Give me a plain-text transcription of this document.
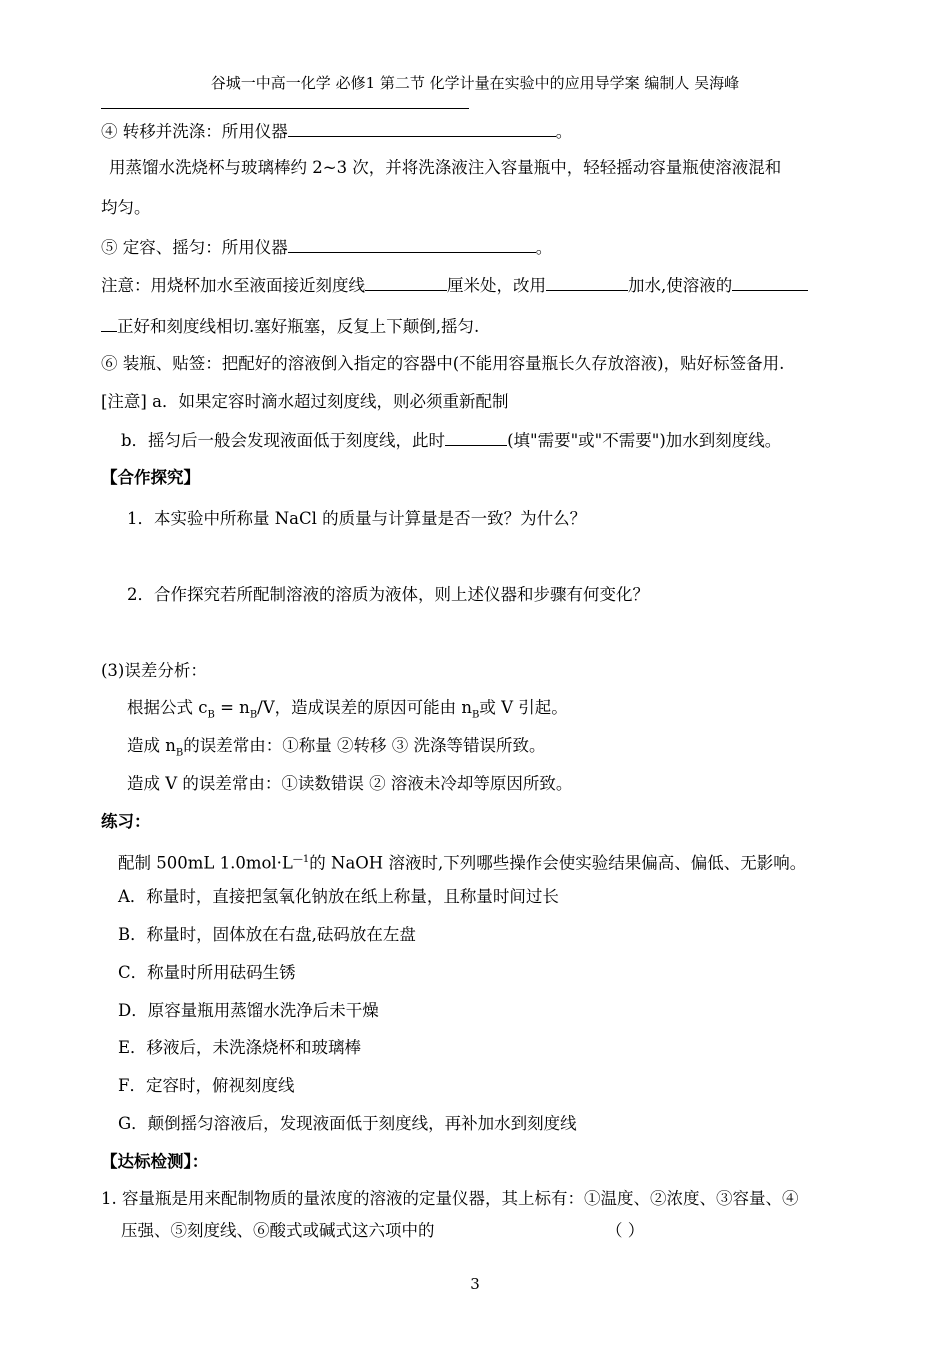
谷城一中高一化学 必修1 第二节 化学计量在实验中的应用导学案 编制人 吴海峰
④ 转移并洗涤：所用仪器	。
用蒸馏水洗烧杯与玻璃棒约 2~3 次，并将洗涤液注入容量瓶中，轻轻摇动容量瓶使溶液混和
均匀。
⑤ 定容、摇匀：所用仪器	。
注意：用烧杯加水至液面接近刻度线	厘米处，改用	加水,使溶液的
正好和刻度线相切.塞好瓶塞，反复上下颠倒,摇匀.
⑥ 装瓶、贴签：把配好的溶液倒入指定的容器中(不能用容量瓶长久存放溶液)，贴好标签备用.
[注意] a．如果定容时滴水超过刻度线，则必须重新配制
b．摇匀后一般会发现液面低于刻度线，此时	(填"需要"或"不需要")加水到刻度线。
【合作探究】
1．本实验中所称量 NaCl 的质量与计算量是否一致？为什么？
2．合作探究若所配制溶液的溶质为液体，则上述仪器和步骤有何变化？
(3)误差分析：
根据公式 $c_B = n_B/V$，造成误差的原因可能由 $n_B$或 V 引起。
造成 $n_B$的误差常由：①称量 ②转移 ③ 洗涤等错误所致。
造成 V 的误差常由：①读数错误 ② 溶液未冷却等原因所致。
练习：
配制 500mL $1.0mol\cdot L^{—1}$的 NaOH 溶液时,下列哪些操作会使实验结果偏高、偏低、无影响。
A．称量时，直接把氢氧化钠放在纸上称量，且称量时间过长
B．称量时，固体放在右盘,砝码放在左盘
C．称量时所用砝码生锈
D．原容量瓶用蒸馏水洗净后未干燥
E．移液后，未洗涤烧杯和玻璃棒
F．定容时，俯视刻度线
G．颠倒摇匀溶液后，发现液面低于刻度线，再补加水到刻度线
【达标检测】：
1. 容量瓶是用来配制物质的量浓度的溶液的定量仪器，其上标有：①温度、②浓度、③容量、④
压强、⑤刻度线、⑥酸式或碱式这六项中的	（ ）
3
